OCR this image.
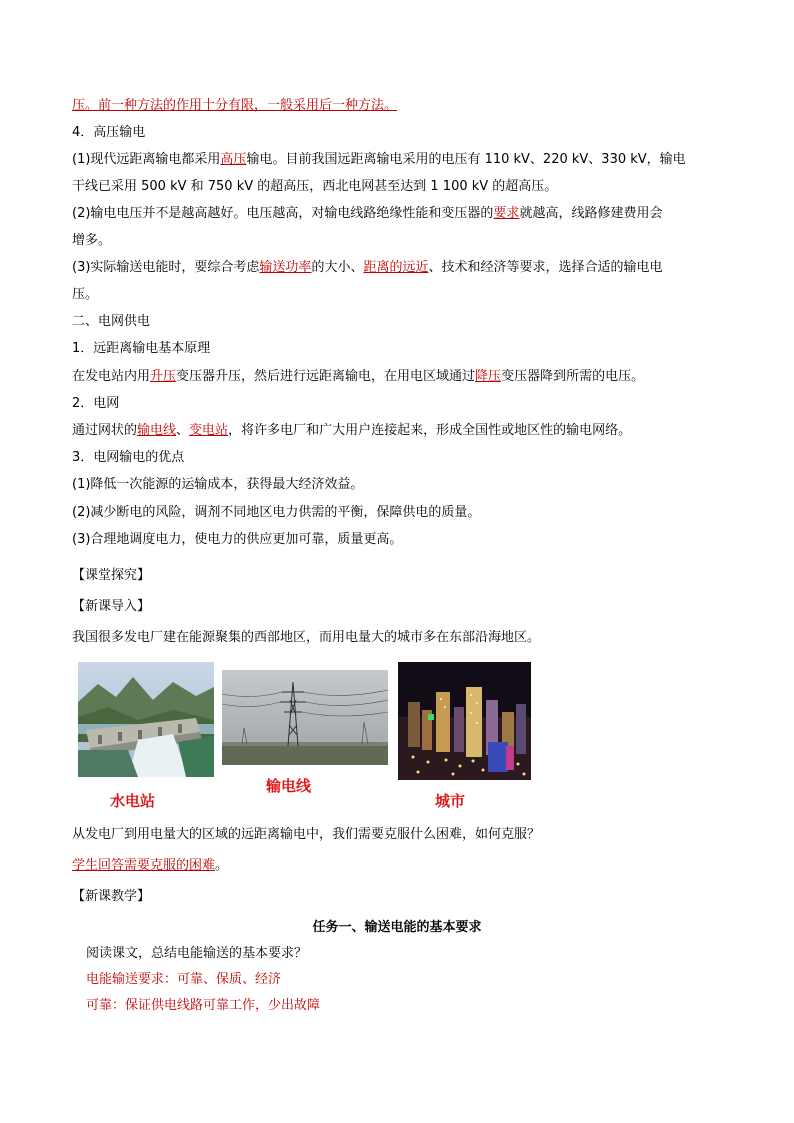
压。前一种方法的作用十分有限，一般采用后一种方法。
4．高压输电
(1)现代远距离输电都采用高压输电。目前我国远距离输电采用的电压有 110 kV、220 kV、330 kV，输电
干线已采用 500 kV 和 750 kV 的超高压，西北电网甚至达到 1 100 kV 的超高压。
(2)输电电压并不是越高越好。电压越高，对输电线路绝缘性能和变压器的要求就越高，线路修建费用会
增多。
(3)实际输送电能时，要综合考虑输送功率的大小、距离的远近、技术和经济等要求，选择合适的输电电
压。
二、电网供电
1．远距离输电基本原理
在发电站内用升压变压器升压，然后进行远距离输电，在用电区域通过降压变压器降到所需的电压。
2．电网
通过网状的输电线、变电站，将许多电厂和广大用户连接起来，形成全国性或地区性的输电网络。
3．电网输电的优点
(1)降低一次能源的运输成本，获得最大经济效益。
(2)减少断电的风险，调剂不同地区电力供需的平衡，保障供电的质量。
(3)合理地调度电力，使电力的供应更加可靠，质量更高。
【课堂探究】
【新课导入】
我国很多发电厂建在能源聚集的西部地区，而用电量大的城市多在东部沿海地区。
水电站
输电线
城市
从发电厂到用电量大的区域的远距离输电中，我们需要克服什么困难，如何克服？
学生回答需要克服的困难。
【新课教学】
任务一、输送电能的基本要求
阅读课文，总结电能输送的基本要求？
电能输送要求：可靠、保质、经济
可靠：保证供电线路可靠工作，少出故障
